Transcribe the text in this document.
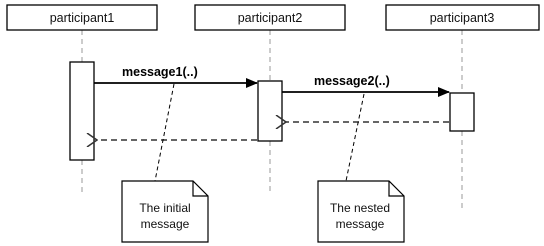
participant1	participant2	participant3
message1(..)
message2(..)
The initial
message
The nested
message
